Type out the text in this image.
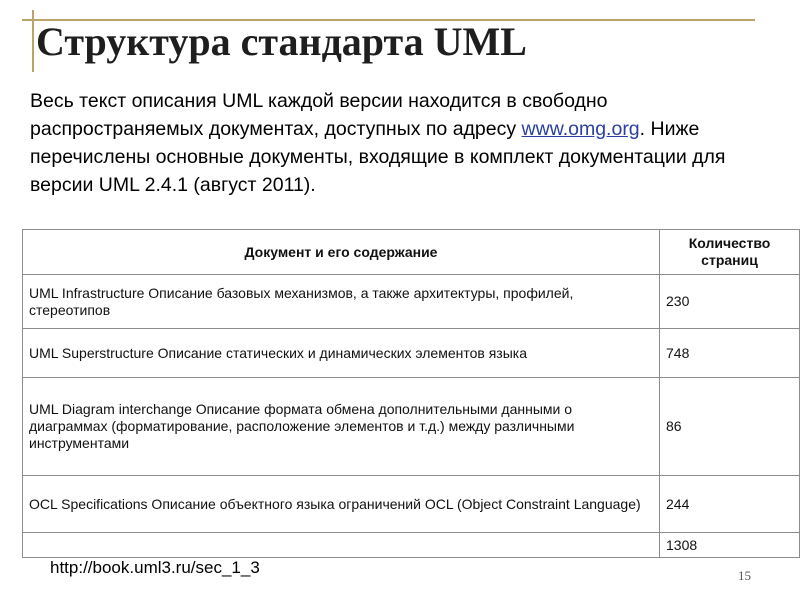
Структура стандарта UML
Весь текст описания UML каждой версии находится в свободно распространяемых документах, доступных по адресу www.omg.org. Ниже перечислены основные документы, входящие в комплект документации для версии UML 2.4.1 (август 2011).
Документ и его содержание	Количество страниц
UML Infrastructure Описание базовых механизмов, а также архитектуры, профилей, стереотипов	230
UML Superstructure Описание статических и динамических элементов языка	748
UML Diagram interchange Описание формата обмена дополнительными данными о диаграммах (форматирование, расположение элементов и т.д.) между различными инструментами	86
OCL Specifications Описание объектного языка ограничений OCL (Object Constraint Language)	244
	1308
http://book.uml3.ru/sec_1_3	15
